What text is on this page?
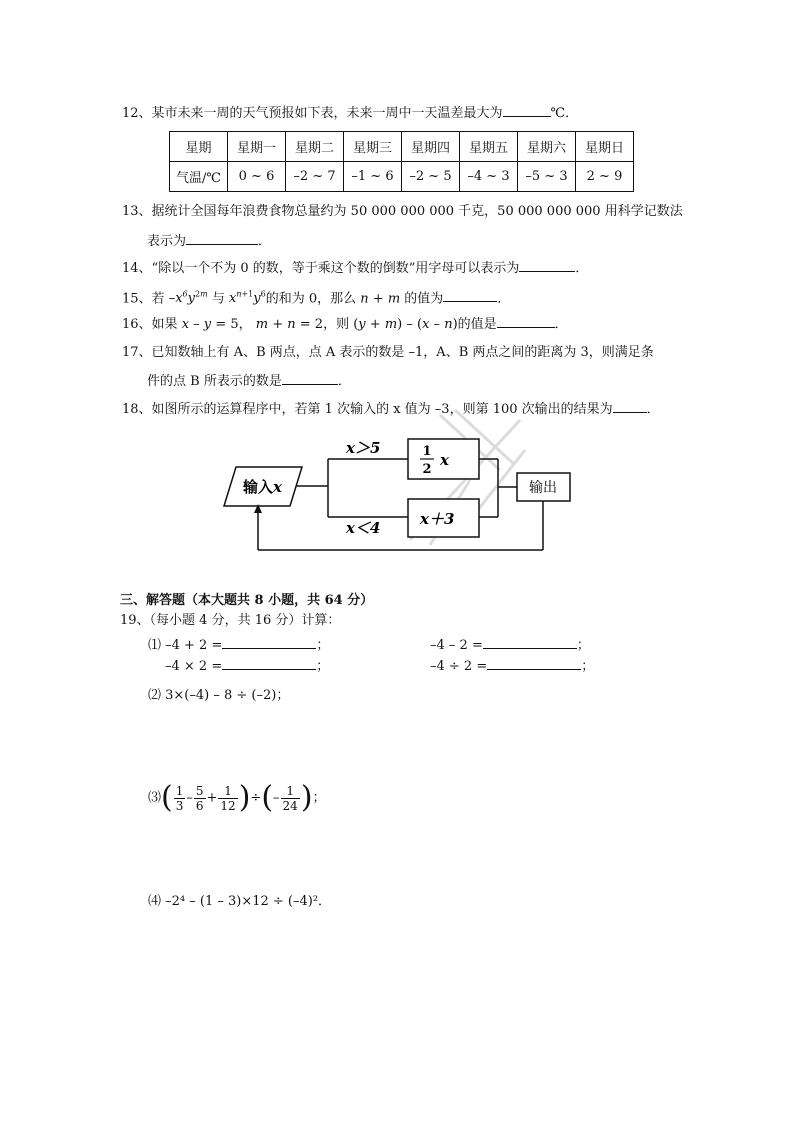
12、某市未来一周的天气预报如下表，未来一周中一天温差最大为	℃．
星期	星期一	星期二	星期三	星期四	星期五	星期六	星期日
气温/℃	0 ~ 6	–2 ~ 7	–1 ~ 6	–2 ~ 5	–4 ~ 3	–5 ~ 3	2 ~ 9
13、据统计全国每年浪费食物总量约为 50 000 000 000 千克，50 000 000 000 用科学记数法
表示为	．
14、“除以一个不为 0 的数，等于乘这个数的倒数”用字母可以表示为	．
15、若 $-x^6y^{2m}$ 与 $x^{n+1}y^6$的和为 0，那么 n + m 的值为	．
16、如果 x – y = 5， m + n = 2，则 (y + m) – (x – n)的值是	．
17、已知数轴上有 A、B 两点，点 A 表示的数是 –1，A、B 两点之间的距离为 3，则满足条
件的点 B 所表示的数是	．
18、如图所示的运算程序中，若第 1 次输入的 x 值为 –3，则第 100 次输出的结果为	．
输入x
x＞5
x＜4
1
2
x
x＋3
输出
三、解答题（本大题共 8 小题，共 64 分）
19、（每小题 4 分，共 16 分）计算：
⑴ –4 + 2 =	；	–4 – 2 =	；
–4 × 2 =	；	–4 ÷ 2 =	；
⑵ 3×(–4) – 8 ÷ (–2)；
⑶( $\frac{1}{3} - \frac{5}{6} + \frac{1}{12}$ )÷(– $\frac{1}{24}$ )；
⑷ –2⁴ – (1 – 3)×12 ÷ (–4)²．
